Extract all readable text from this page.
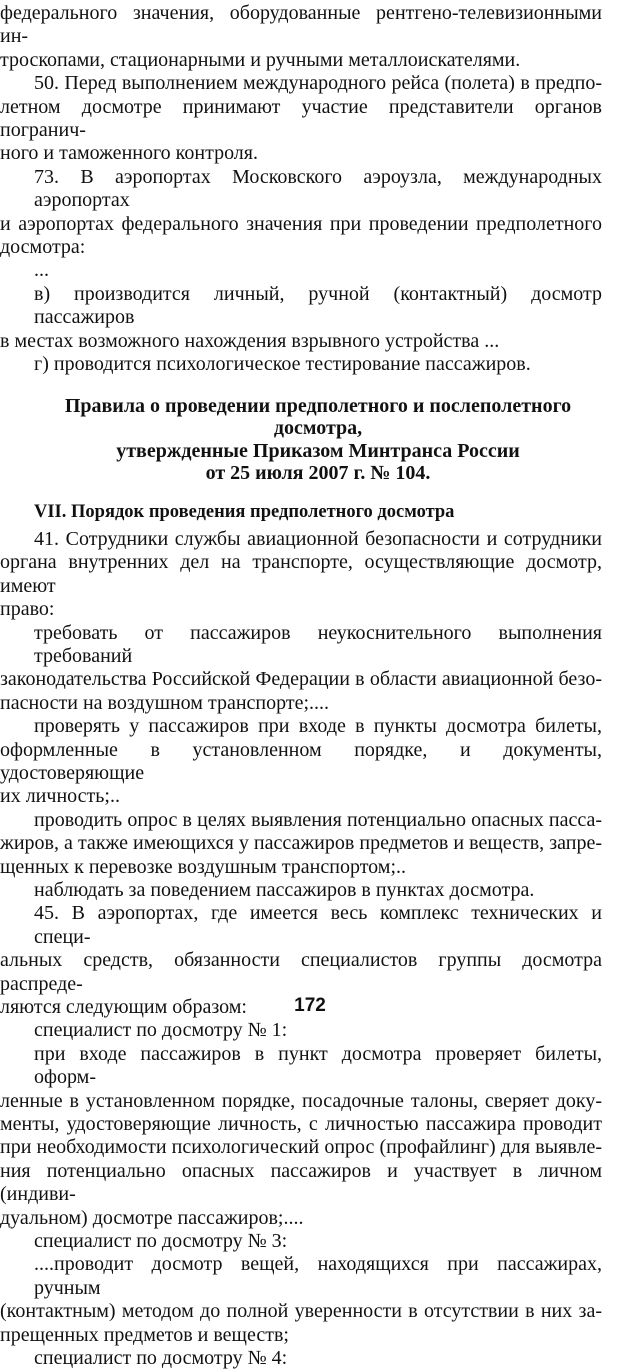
федерального значения, оборудованные рентгено-телевизионными ин-
троскопами, стационарными и ручными металлоискателями.
50. Перед выполнением международного рейса (полета) в предпо-
летном досмотре принимают участие представители органов погранич-
ного и таможенного контроля.
73. В аэропортах Московского аэроузла, международных аэропортах
и аэропортах федерального значения при проведении предполетного
досмотра:
...
в) производится личный, ручной (контактный) досмотр пассажиров
в местах возможного нахождения взрывного устройства ...
г) проводится психологическое тестирование пассажиров.
Правила о проведении предполетного и послеполетного досмотра,
утвержденные Приказом Минтранса России
от 25 июля 2007 г. № 104.
VII. Порядок проведения предполетного досмотра
41. Сотрудники службы авиационной безопасности и сотрудники
органа внутренних дел на транспорте, осуществляющие досмотр, имеют
право:
требовать от пассажиров неукоснительного выполнения требований
законодательства Российской Федерации в области авиационной безо-
пасности на воздушном транспорте;....
проверять у пассажиров при входе в пункты досмотра билеты,
оформленные в установленном порядке, и документы, удостоверяющие
их личность;..
проводить опрос в целях выявления потенциально опасных пасса-
жиров, а также имеющихся у пассажиров предметов и веществ, запре-
щенных к перевозке воздушным транспортом;..
наблюдать за поведением пассажиров в пунктах досмотра.
45. В аэропортах, где имеется весь комплекс технических и специ-
альных средств, обязанности специалистов группы досмотра распреде-
ляются следующим образом:
специалист по досмотру № 1:
при входе пассажиров в пункт досмотра проверяет билеты, оформ-
ленные в установленном порядке, посадочные талоны, сверяет доку-
менты, удостоверяющие личность, с личностью пассажира проводит
при необходимости психологический опрос (профайлинг) для выявле-
ния потенциально опасных пассажиров и участвует в личном (индиви-
дуальном) досмотре пассажиров;....
специалист по досмотру № 3:
....проводит досмотр вещей, находящихся при пассажирах, ручным
(контактным) методом до полной уверенности в отсутствии в них за-
прещенных предметов и веществ;
специалист по досмотру № 4:
172
